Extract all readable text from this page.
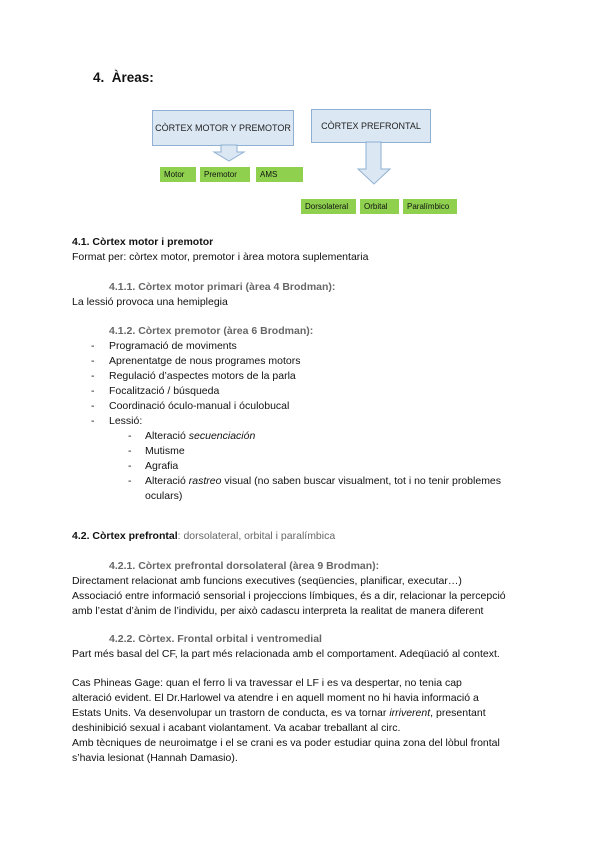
4. Àreas:
CÒRTEX MOTOR Y PREMOTOR	CÒRTEX PREFRONTAL
Motor Premotor	AMS
Dorsolateral Orbital Paralímbico
4.1. Còrtex motor i premotor
Format per: còrtex motor, premotor i àrea motora suplementaria
4.1.1. Còrtex motor primari (àrea 4 Brodman):
La lessió provoca una hemiplegia
4.1.2. Còrtex premotor (àrea 6 Brodman):
- Programació de moviments
- Aprenentatge de nous programes motors
- Regulació d’aspectes motors de la parla
- Focalització / búsqueda
- Coordinació óculo-manual i óculobucal
- Lessió:
- Alteració secuenciación
- Mutisme
- Agrafia
- Alteració rastreo visual (no saben buscar visualment, tot i no tenir problemes
oculars)
4.2. Còrtex prefrontal: dorsolateral, orbital i paralímbica
4.2.1. Còrtex prefrontal dorsolateral (àrea 9 Brodman):
Directament relacionat amb funcions executives (seqüencies, planificar, executar…)
Associació entre informació sensorial i projeccions límbiques, és a dir, relacionar la percepció
amb l’estat d’ànim de l’individu, per això cadascu interpreta la realitat de manera diferent
4.2.2. Còrtex. Frontal orbital i ventromedial
Part més basal del CF, la part més relacionada amb el comportament. Adeqüació al context.
Cas Phineas Gage: quan el ferro li va travessar el LF i es va despertar, no tenia cap
alteració evident. El Dr.Harlowel va atendre i en aquell moment no hi havia informació a
Estats Units. Va desenvolupar un trastorn de conducta, es va tornar irriverent, presentant
deshinibició sexual i acabant violantament. Va acabar treballant al circ.
Amb tècniques de neuroimatge i el se crani es va poder estudiar quina zona del lòbul frontal
s’havia lesionat (Hannah Damasio).
